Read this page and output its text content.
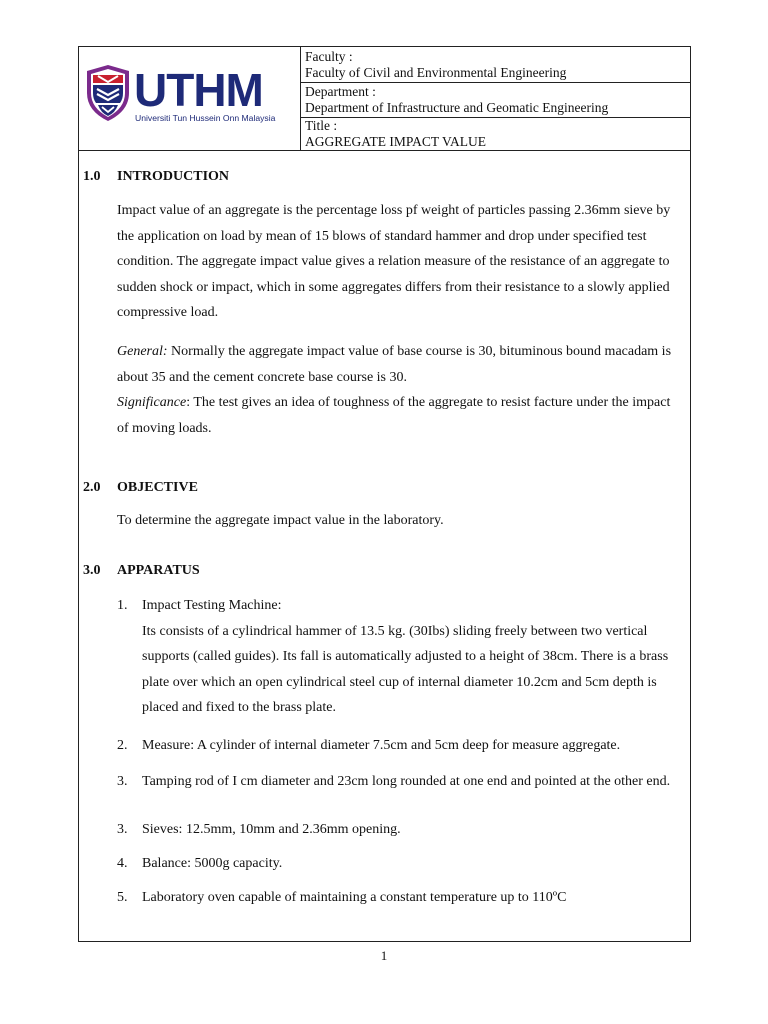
UTHM
Universiti Tun Hussein Onn Malaysia
Faculty :
Faculty of Civil and Environmental Engineering
Department :
Department of Infrastructure and Geomatic Engineering
Title :
AGGREGATE IMPACT VALUE
1.0 INTRODUCTION
Impact value of an aggregate is the percentage loss pf weight of particles passing 2.36mm sieve by the application on load by mean of 15 blows of standard hammer and drop under specified test condition. The aggregate impact value gives a relation measure of the resistance of an aggregate to sudden shock or impact, which in some aggregates differs from their resistance to a slowly applied compressive load.
General: Normally the aggregate impact value of base course is 30, bituminous bound macadam is about 35 and the cement concrete base course is 30.
Significance: The test gives an idea of toughness of the aggregate to resist facture under the impact of moving loads.
2.0 OBJECTIVE
To determine the aggregate impact value in the laboratory.
3.0 APPARATUS
1. Impact Testing Machine:
Its consists of a cylindrical hammer of 13.5 kg. (30Ibs) sliding freely between two vertical supports (called guides). Its fall is automatically adjusted to a height of 38cm. There is a brass plate over which an open cylindrical steel cup of internal diameter 10.2cm and 5cm depth is placed and fixed to the brass plate.
2. Measure: A cylinder of internal diameter 7.5cm and 5cm deep for measure aggregate.
3. Tamping rod of I cm diameter and 23cm long rounded at one end and pointed at the other end.
3. Sieves: 12.5mm, 10mm and 2.36mm opening.
4. Balance: 5000g capacity.
5. Laboratory oven capable of maintaining a constant temperature up to 110ºC
1
